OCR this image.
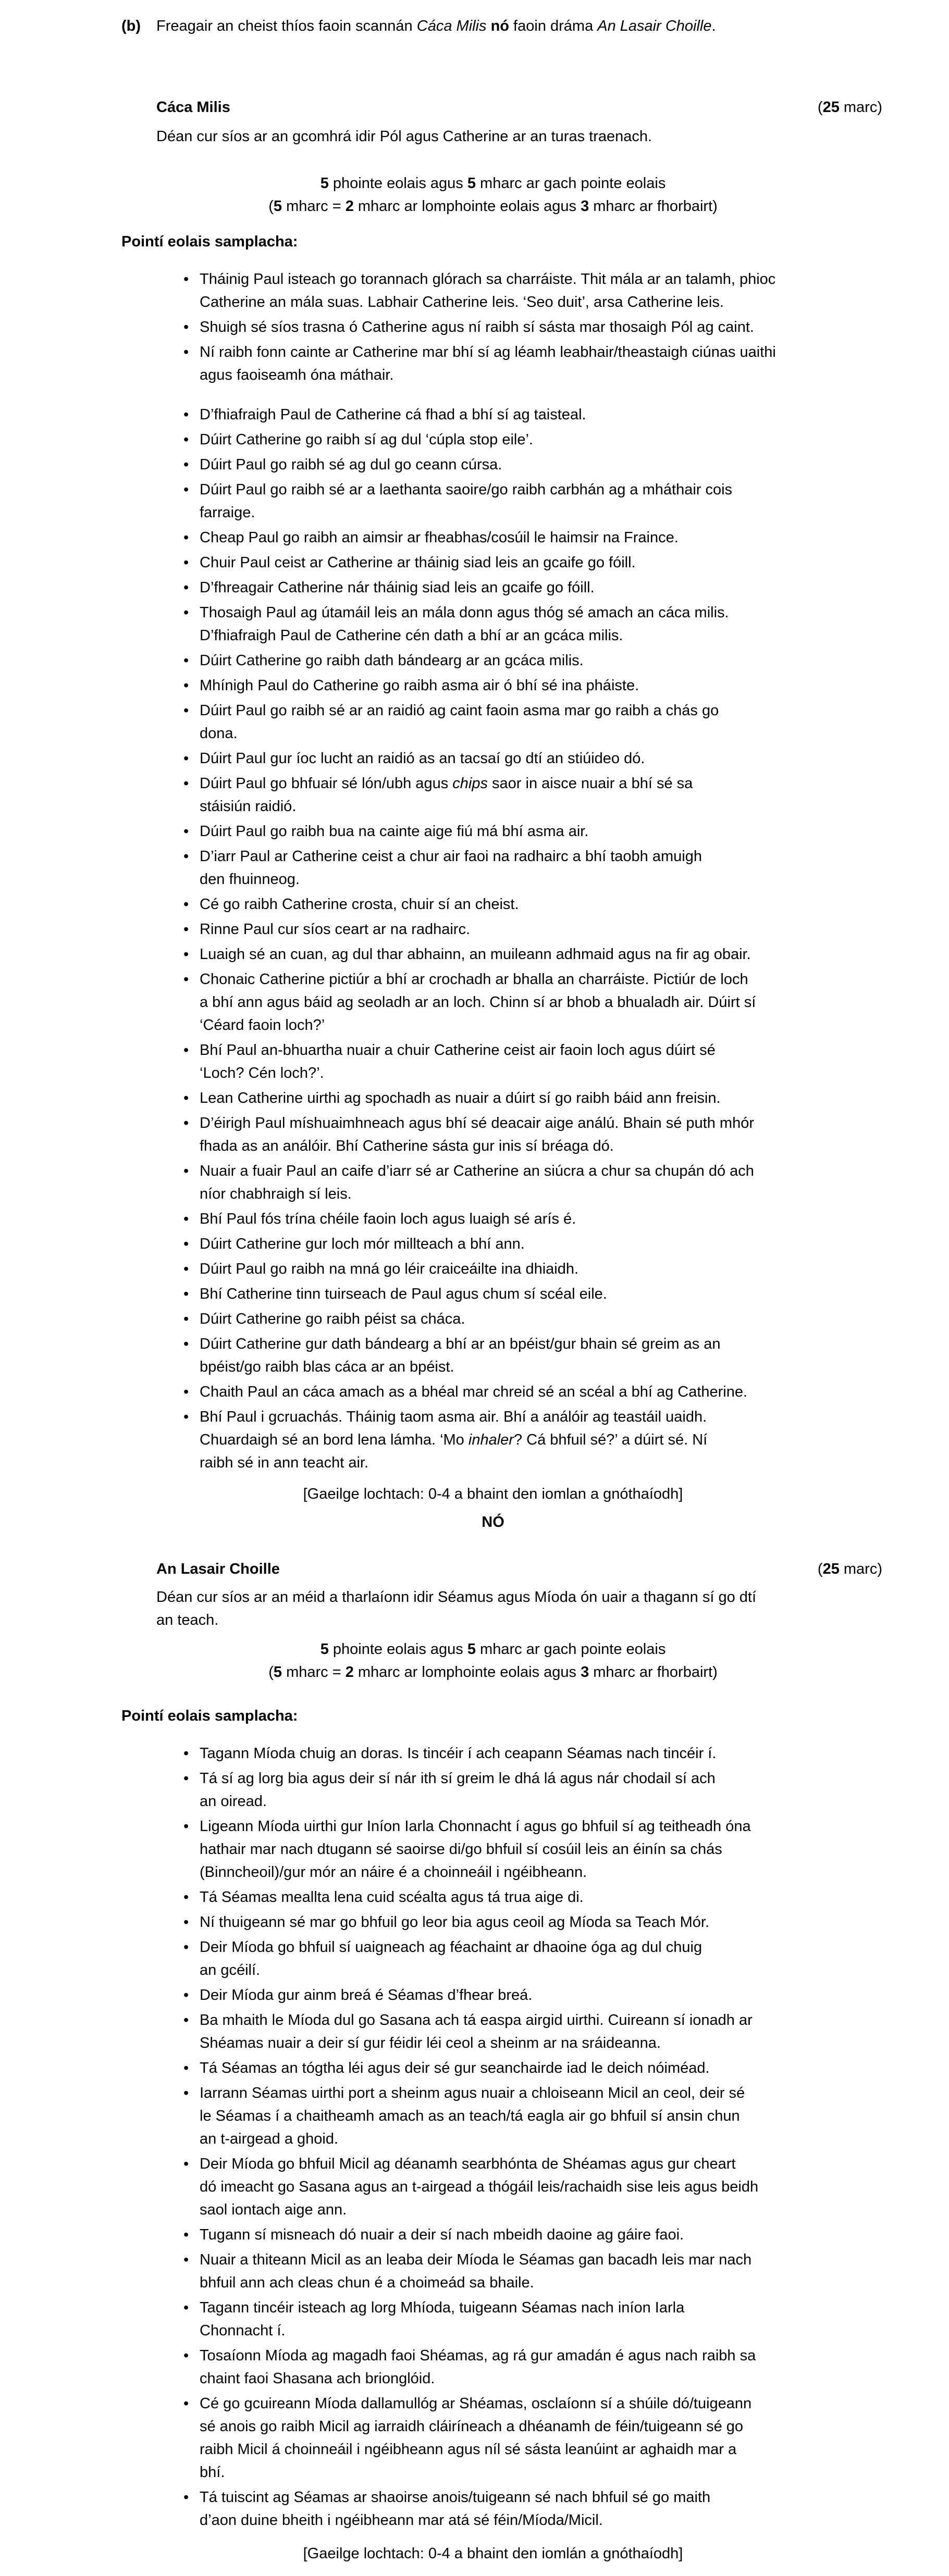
(b)	Freagair an cheist thíos faoin scannán Cáca Milis nó faoin dráma An Lasair Choille.
Cáca Milis	(25 marc)
Déan cur síos ar an gcomhrá idir Pól agus Catherine ar an turas traenach.
5 phointe eolais agus 5 mharc ar gach pointe eolais
(5 mharc = 2 mharc ar lomphointe eolais agus 3 mharc ar fhorbairt)
Pointí eolais samplacha:
• Tháinig Paul isteach go torannach glórach sa charráiste. Thit mála ar an talamh, phioc
Catherine an mála suas. Labhair Catherine leis. ‘Seo duit’, arsa Catherine leis.
• Shuigh sé síos trasna ó Catherine agus ní raibh sí sásta mar thosaigh Pól ag caint.
• Ní raibh fonn cainte ar Catherine mar bhí sí ag léamh leabhair/theastaigh ciúnas uaithi
agus faoiseamh óna máthair.
• D’fhiafraigh Paul de Catherine cá fhad a bhí sí ag taisteal.
• Dúirt Catherine go raibh sí ag dul ‘cúpla stop eile’.
• Dúirt Paul go raibh sé ag dul go ceann cúrsa.
• Dúirt Paul go raibh sé ar a laethanta saoire/go raibh carbhán ag a mháthair cois
farraige.
• Cheap Paul go raibh an aimsir ar fheabhas/cosúil le haimsir na Fraince.
• Chuir Paul ceist ar Catherine ar tháinig siad leis an gcaife go fóill.
• D’fhreagair Catherine nár tháinig siad leis an gcaife go fóill.
• Thosaigh Paul ag útamáil leis an mála donn agus thóg sé amach an cáca milis.
D’fhiafraigh Paul de Catherine cén dath a bhí ar an gcáca milis.
• Dúirt Catherine go raibh dath bándearg ar an gcáca milis.
• Mhínigh Paul do Catherine go raibh asma air ó bhí sé ina pháiste.
• Dúirt Paul go raibh sé ar an raidió ag caint faoin asma mar go raibh a chás go
dona.
• Dúirt Paul gur íoc lucht an raidió as an tacsaí go dtí an stiúideo dó.
• Dúirt Paul go bhfuair sé lón/ubh agus chips saor in aisce nuair a bhí sé sa
stáisiún raidió.
• Dúirt Paul go raibh bua na cainte aige fiú má bhí asma air.
• D’iarr Paul ar Catherine ceist a chur air faoi na radhairc a bhí taobh amuigh
den fhuinneog.
• Cé go raibh Catherine crosta, chuir sí an cheist.
• Rinne Paul cur síos ceart ar na radhairc.
• Luaigh sé an cuan, ag dul thar abhainn, an muileann adhmaid agus na fir ag obair.
• Chonaic Catherine pictiúr a bhí ar crochadh ar bhalla an charráiste. Pictiúr de loch
a bhí ann agus báid ag seoladh ar an loch. Chinn sí ar bhob a bhualadh air. Dúirt sí
‘Céard faoin loch?’
• Bhí Paul an-bhuartha nuair a chuir Catherine ceist air faoin loch agus dúirt sé
‘Loch? Cén loch?’.
• Lean Catherine uirthi ag spochadh as nuair a dúirt sí go raibh báid ann freisin.
• D’éirigh Paul míshuaimhneach agus bhí sé deacair aige análú. Bhain sé puth mhór
fhada as an análóir. Bhí Catherine sásta gur inis sí bréaga dó.
• Nuair a fuair Paul an caife d’iarr sé ar Catherine an siúcra a chur sa chupán dó ach
níor chabhraigh sí leis.
• Bhí Paul fós trína chéile faoin loch agus luaigh sé arís é.
• Dúirt Catherine gur loch mór millteach a bhí ann.
• Dúirt Paul go raibh na mná go léir craiceáilte ina dhiaidh.
• Bhí Catherine tinn tuirseach de Paul agus chum sí scéal eile.
• Dúirt Catherine go raibh péist sa cháca.
• Dúirt Catherine gur dath bándearg a bhí ar an bpéist/gur bhain sé greim as an
bpéist/go raibh blas cáca ar an bpéist.
• Chaith Paul an cáca amach as a bhéal mar chreid sé an scéal a bhí ag Catherine.
• Bhí Paul i gcruachás. Tháinig taom asma air. Bhí a análóir ag teastáil uaidh.
Chuardaigh sé an bord lena lámha. ‘Mo inhaler? Cá bhfuil sé?’ a dúirt sé. Ní
raibh sé in ann teacht air.
[Gaeilge lochtach: 0-4 a bhaint den iomlan a gnóthaíodh]
NÓ
An Lasair Choille	(25 marc)
Déan cur síos ar an méid a tharlaíonn idir Séamus agus Míoda ón uair a thagann sí go dtí
an teach.
5 phointe eolais agus 5 mharc ar gach pointe eolais
(5 mharc = 2 mharc ar lomphointe eolais agus 3 mharc ar fhorbairt)
Pointí eolais samplacha:
• Tagann Míoda chuig an doras. Is tincéir í ach ceapann Séamas nach tincéir í.
• Tá sí ag lorg bia agus deir sí nár ith sí greim le dhá lá agus nár chodail sí ach
an oiread.
• Ligeann Míoda uirthi gur Iníon Iarla Chonnacht í agus go bhfuil sí ag teitheadh óna
hathair mar nach dtugann sé saoirse di/go bhfuil sí cosúil leis an éinín sa chás
(Binncheoil)/gur mór an náire é a choinneáil i ngéibheann.
• Tá Séamas meallta lena cuid scéalta agus tá trua aige di.
• Ní thuigeann sé mar go bhfuil go leor bia agus ceoil ag Míoda sa Teach Mór.
• Deir Míoda go bhfuil sí uaigneach ag féachaint ar dhaoine óga ag dul chuig
an gcéilí.
• Deir Míoda gur ainm breá é Séamas d’fhear breá.
• Ba mhaith le Míoda dul go Sasana ach tá easpa airgid uirthi. Cuireann sí ionadh ar
Shéamas nuair a deir sí gur féidir léi ceol a sheinm ar na sráideanna.
• Tá Séamas an tógtha léi agus deir sé gur seanchairde iad le deich nóiméad.
• Iarrann Séamas uirthi port a sheinm agus nuair a chloiseann Micil an ceol, deir sé
le Séamas í a chaitheamh amach as an teach/tá eagla air go bhfuil sí ansin chun
an t-airgead a ghoid.
• Deir Míoda go bhfuil Micil ag déanamh searbhónta de Shéamas agus gur cheart
dó imeacht go Sasana agus an t-airgead a thógáil leis/rachaidh sise leis agus beidh
saol iontach aige ann.
• Tugann sí misneach dó nuair a deir sí nach mbeidh daoine ag gáire faoi.
• Nuair a thiteann Micil as an leaba deir Míoda le Séamas gan bacadh leis mar nach
bhfuil ann ach cleas chun é a choimeád sa bhaile.
• Tagann tincéir isteach ag lorg Mhíoda, tuigeann Séamas nach iníon Iarla
Chonnacht í.
• Tosaíonn Míoda ag magadh faoi Shéamas, ag rá gur amadán é agus nach raibh sa
chaint faoi Shasana ach brionglóid.
• Cé go gcuireann Míoda dallamullóg ar Shéamas, osclaíonn sí a shúile dó/tuigeann
sé anois go raibh Micil ag iarraidh cláiríneach a dhéanamh de féin/tuigeann sé go
raibh Micil á choinneáil i ngéibheann agus níl sé sásta leanúint ar aghaidh mar a
bhí.
• Tá tuiscint ag Séamas ar shaoirse anois/tuigeann sé nach bhfuil sé go maith
d’aon duine bheith i ngéibheann mar atá sé féin/Míoda/Micil.
[Gaeilge lochtach: 0-4 a bhaint den iomlán a gnóthaíodh]
